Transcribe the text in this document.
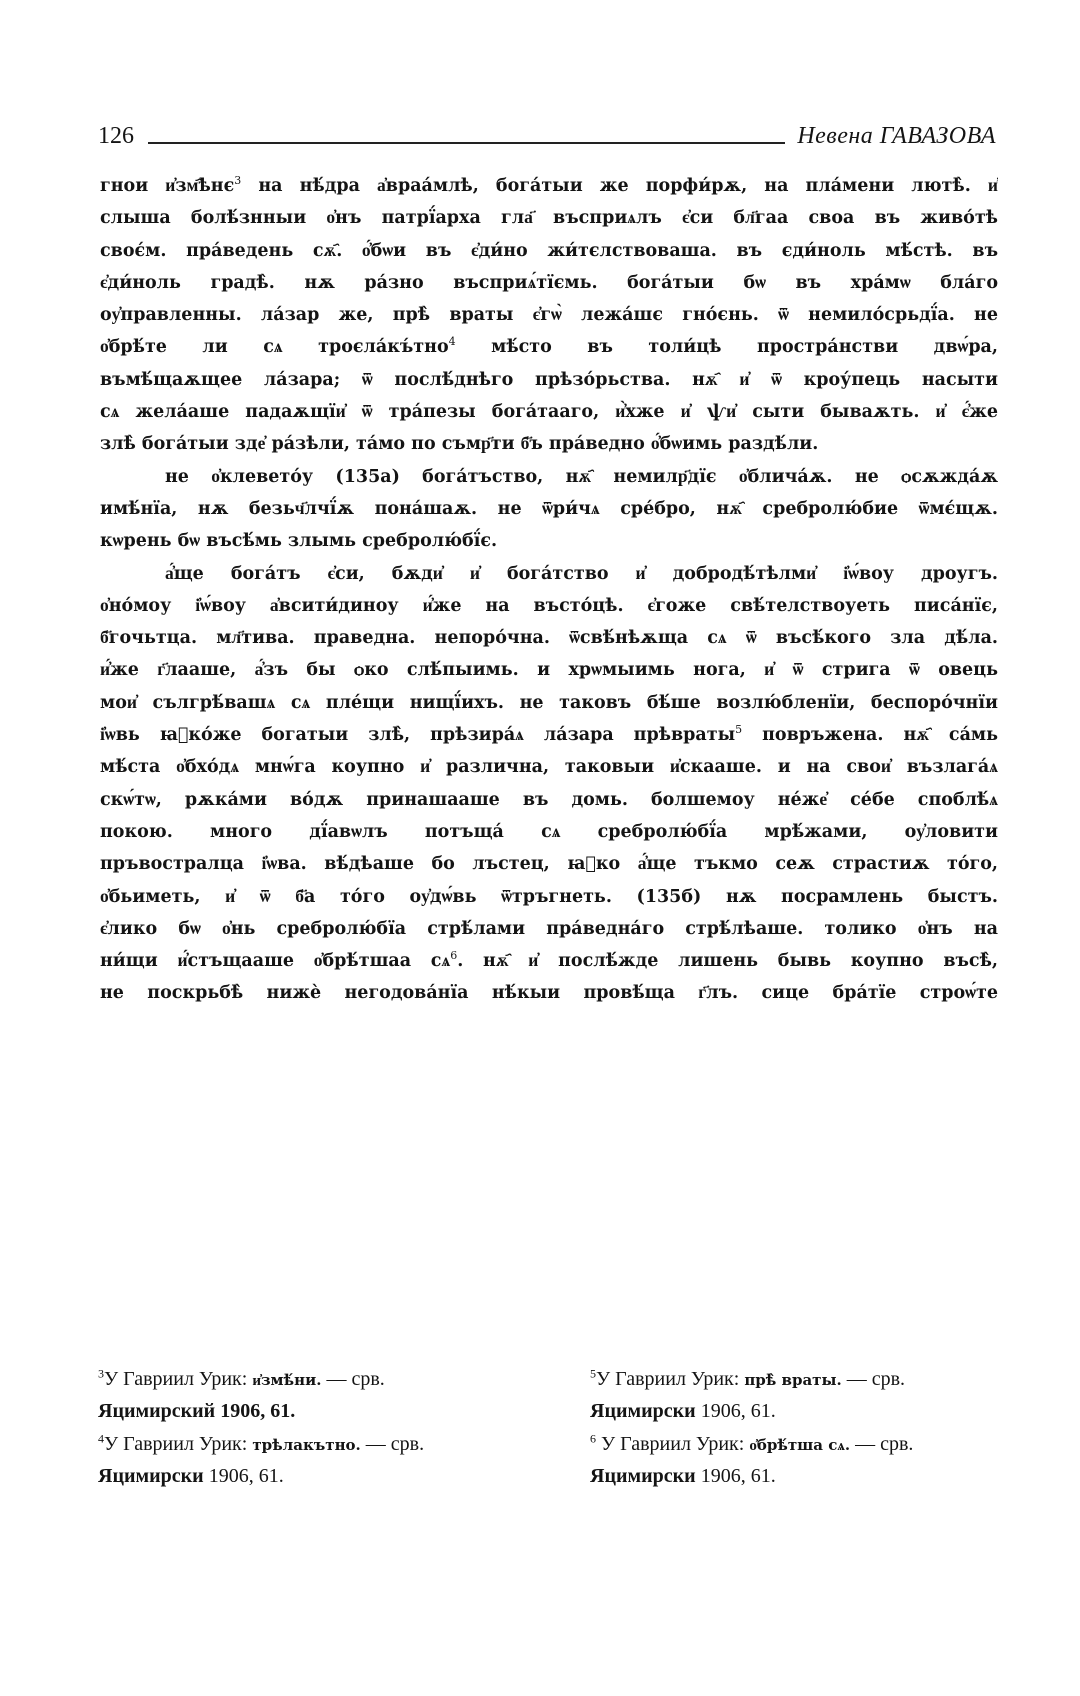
126	Невена ГАВАЗОВА
гнои и҆зм҄ѣнє$^3$ на нѣ́дра а҆враа́млѣ, бога́тыи же порфи́рѫ, на пла́мени лютѣ̀. и҆
слыша болѣ́знныи о҆нъ патрї́арха гла҃ въсприѧлъ є҆си бл҃гаа своа въ живо́тѣ
своє́м. пра́ведень сѫ҄. о҆́бѡи въ є҆ди́но жи́тєлствоваша. въ єди́ноль мѣ́стѣ. въ
є҆ди́ноль градѣ̀. нѫ ра́зно въсприѧ́тїємь. бога́тыи бѡ въ хра́мѡ бла́го
оу҆правленны. ла́зар же, прѣ̀ враты є҆гѡ̀ лежа́шє гно́єнь. ѿ немило́срьдї́а. не
о҆брѣ́те ли сѧ троєла́къ́тно$^4$ мѣ́сто въ толи́цѣ простра́нстви двѡ́ра,
въмѣ́щаѫщее ла́зара; ѿ послѣ́днѣго прѣзо́рьства. нѫ҄ и҆ ѿ кроу́пець насыти
сѧ жела́аше падаѫщїи҆ ѿ тра́пезы бога́таaго, и҆̀хже и҆ ѱи҆ сыти бываѫть. и҆ є҆́же
злѣ̀ бога́тыи зде҆ ра́зѣли, та́мо по съмр҃ти б҃ъ пра́ведно о҆́бѡимь раздѣ́ли.
не о҆клевето́у (135а) бога́тъство, нѫ҄ немилр҃дїє о҆блича́ѫ. не ѻсѫжда́ѫ
имѣ́нїа, нѫ безьч҃лчї́ѫ пона́шаѫ. не ѿри́чѧ сре́бро, нѫ҄ сребролю́бие ѿмє́щѫ.
кѡрень бѡ въсѣ́мь злымь сребролю́бї́є.
а҆́ще бога́тъ є҆си, бѫди҆ и҆ бога́тство и҆ добродѣ́тѣлми҆ і҆ѡ́воу дроугъ.
о҆но́моу і҆ѡ́воу а҆всити́диноу и҆́же на въсто́цѣ. є҆гоже свѣ́телствоуеть писа́нїє,
б҃гочьтца. мл҃тива. праведна. непоро́чна. ѿсвѣ́нѣѫща сѧ ѿ въсѣ́кого зла дѣ́ла.
и҆́же г҃лааше, а҆́зъ бы ѻко слѣ́пыимь. и хрѡмыимь нога, и҆ ѿ стрига ѿ овець
мои҆ сългрѣ́вашѧ сѧ пле́щи нищї́ихъ. не таковъ бѣ́ше возлю́бленїи, беспоро́чнїи
і҆ѡвь ꙗ҆ко́же богатыи злѣ̀, прѣзира́ѧ ла́зара прѣвраты$^5$ повръжена. нѫ҄ са́мь
мѣ́ста о҆бхо́дѧ мнѡ́га коупно и҆ различна, таковыи и҆скааше. и на свои҆ възлага́ѧ
скѡ́тѡ, рѫка́ми во́дѫ принашааше въ домь. болшемоу не́же҆ се́бе споблѣ́ѧ
покою. много дї́авѡлъ потъща́ сѧ сребролю́бї́а мрѣ́жами, оу҆ловити
пръвостралца і҆ѡва. вѣ́дѣаше бо лъстец, ꙗ҆ко а҆́ще тъкмо сеѫ страстиѫ то́го,
о҆бьиметь, и҆ ѿ б҃а то́го оу҆дѡ́вь ѿтръгнеть. (135б) нѫ посрамлень быстъ.
є҆лико бѡ о҆нь сребролю́бїа стрѣ́лами пра́ведна́го стрѣ́лѣаше. толико о҆нъ на
ни́щи и҆́стъщааше о҆брѣ́тшаа $сѧ^6$. нѫ҄ и҆ послѣ́жде лишень бывь коупно въсѣ̀,
не поскрьбѣ̀ нижѐ негодова́нїа нѣ́кыи провѣ́ща г҃лъ. сице бра́тїе строѡ́те

$^3$У Гавриил Урик: и҆змѣ́ни. — срв.
Яцимирский 1906, 61.

$^4$У Гавриил Урик: трѣлакътно. — срв.
Яцимирски 1906, 61.

$^5$У Гавриил Урик: прѣ̀ враты. — срв.
Яцимирски 1906, 61.

$^6$ У Гавриил Урик: о҆брѣ́тша сѧ. — срв.
Яцимирски 1906, 61.
